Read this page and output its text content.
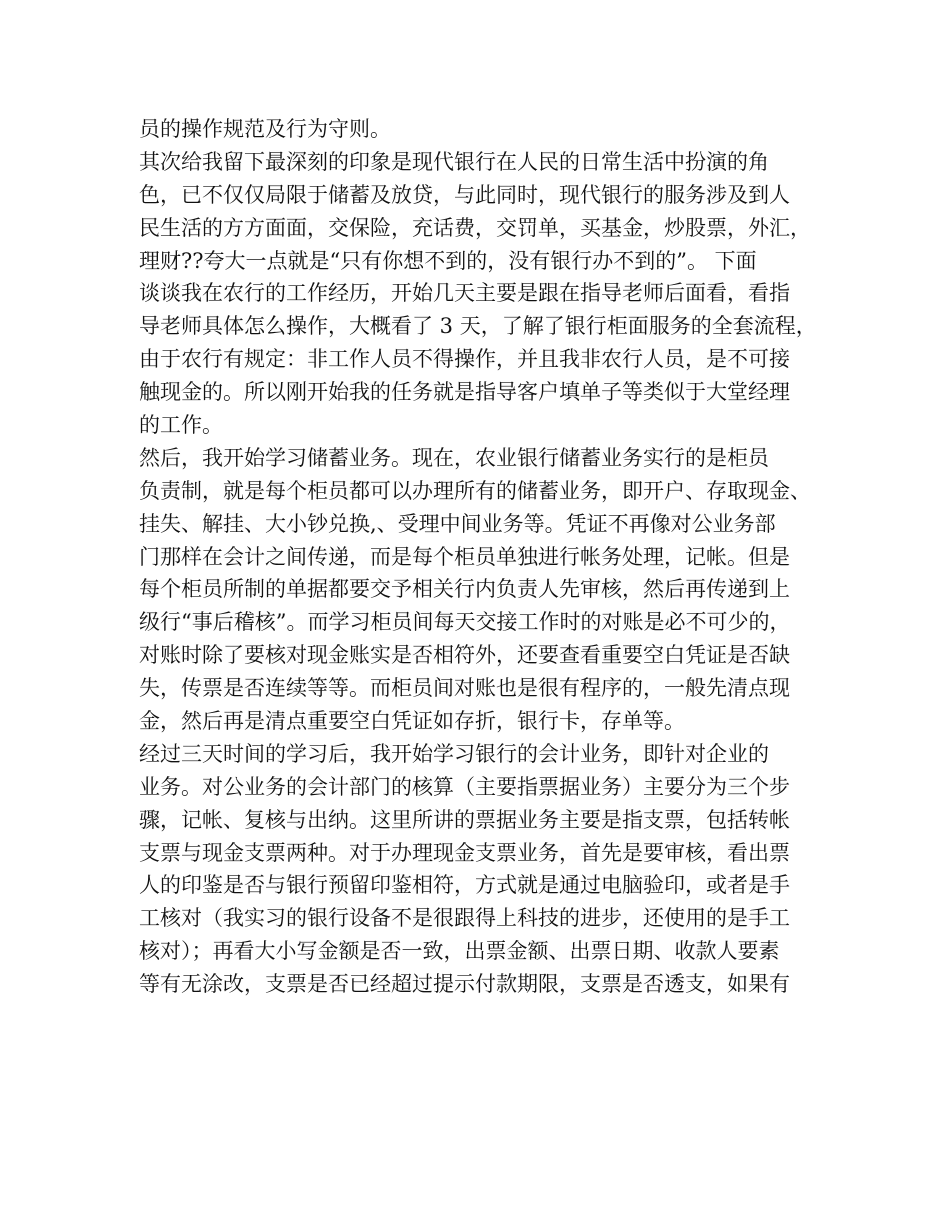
员的操作规范及行为守则。
其次给我留下最深刻的印象是现代银行在人民的日常生活中扮演的角
色，已不仅仅局限于储蓄及放贷，与此同时，现代银行的服务涉及到人
民生活的方方面面，交保险，充话费，交罚单，买基金，炒股票，外汇，
理财??夸大一点就是“只有你想不到的，没有银行办不到的”。 下面
谈谈我在农行的工作经历，开始几天主要是跟在指导老师后面看，看指
导老师具体怎么操作，大概看了 3 天，了解了银行柜面服务的全套流程，
由于农行有规定：非工作人员不得操作，并且我非农行人员，是不可接
触现金的。所以刚开始我的任务就是指导客户填单子等类似于大堂经理
的工作。
然后，我开始学习储蓄业务。现在，农业银行储蓄业务实行的是柜员
负责制，就是每个柜员都可以办理所有的储蓄业务，即开户、存取现金、
挂失、解挂、大小钞兑换,、受理中间业务等。凭证不再像对公业务部
门那样在会计之间传递，而是每个柜员单独进行帐务处理，记帐。但是
每个柜员所制的单据都要交予相关行内负责人先审核，然后再传递到上
级行“事后稽核”。而学习柜员间每天交接工作时的对账是必不可少的，
对账时除了要核对现金账实是否相符外，还要查看重要空白凭证是否缺
失，传票是否连续等等。而柜员间对账也是很有程序的，一般先清点现
金，然后再是清点重要空白凭证如存折，银行卡，存单等。
经过三天时间的学习后，我开始学习银行的会计业务，即针对企业的
业务。对公业务的会计部门的核算（主要指票据业务）主要分为三个步
骤，记帐、复核与出纳。这里所讲的票据业务主要是指支票，包括转帐
支票与现金支票两种。对于办理现金支票业务，首先是要审核，看出票
人的印鉴是否与银行预留印鉴相符，方式就是通过电脑验印，或者是手
工核对（我实习的银行设备不是很跟得上科技的进步，还使用的是手工
核对）；再看大小写金额是否一致，出票金额、出票日期、收款人要素
等有无涂改，支票是否已经超过提示付款期限，支票是否透支，如果有
